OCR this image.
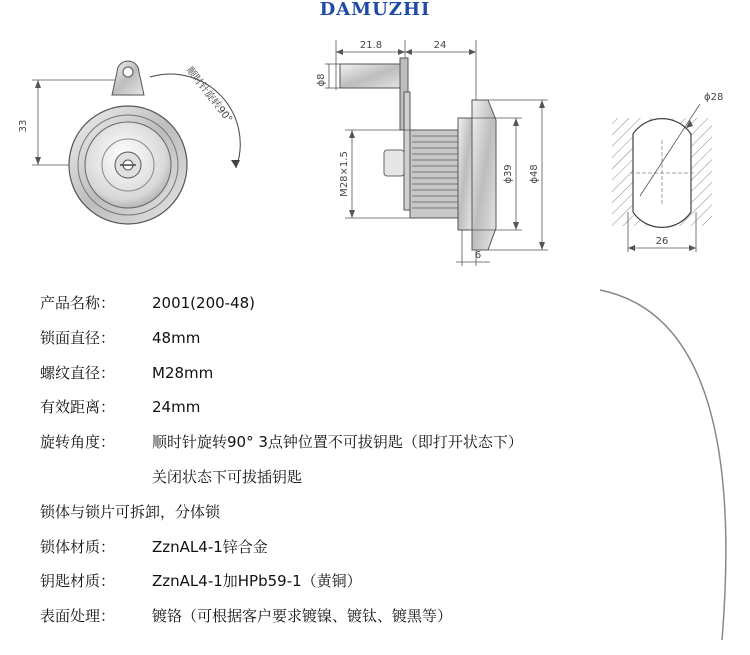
DAMUZHI
33
顺时针旋转90°
21.8	24
ϕ8
M28×1.5	ϕ39 ϕ48
6
ϕ28
26
产品名称： 2001(200-48)
锁面直径： 48mm
螺纹直径： M28mm
有效距离： 24mm
旋转角度： 顺时针旋转90° 3点钟位置不可拔钥匙（即打开状态下）
关闭状态下可拔插钥匙
锁体与锁片可拆卸，分体锁
锁体材质： ZznAL4-1锌合金
钥匙材质： ZznAL4-1加HPb59-1（黄铜）
表面处理： 镀铬（可根据客户要求镀镍、镀钛、镀黑等）
